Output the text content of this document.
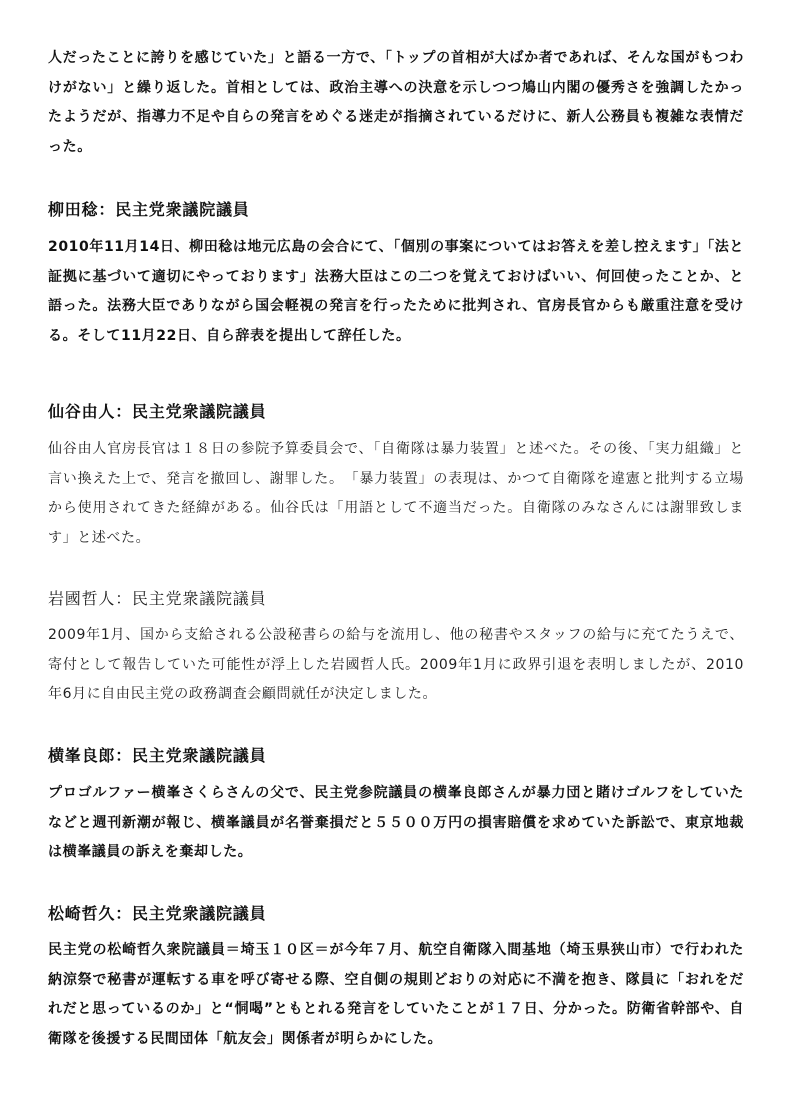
人だったことに誇りを感じていた」と語る一方で、「トップの首相が大ばか者であれば、そんな国がもつわけがない」と繰り返した。首相としては、政治主導への決意を示しつつ鳩山内閣の優秀さを強調したかったようだが、指導力不足や自らの発言をめぐる迷走が指摘されているだけに、新人公務員も複雑な表情だった。

柳田稔：民主党衆議院議員

2010年11月14日、柳田稔は地元広島の会合にて、「個別の事案についてはお答えを差し控えます」「法と証拠に基づいて適切にやっております」法務大臣はこの二つを覚えておけばいい、何回使ったことか、と語った。法務大臣でありながら国会軽視の発言を行ったために批判され、官房長官からも厳重注意を受ける。そして11月22日、自ら辞表を提出して辞任した。

仙谷由人：民主党衆議院議員

仙谷由人官房長官は１８日の参院予算委員会で、「自衛隊は暴力装置」と述べた。その後、「実力組織」と言い換えた上で、発言を撤回し、謝罪した。　「暴力装置」の表現は、かつて自衛隊を違憲と批判する立場から使用されてきた経緯がある。仙谷氏は「用語として不適当だった。自衛隊のみなさんには謝罪致します」と述べた。

岩國哲人：民主党衆議院議員

2009年1月、国から支給される公設秘書らの給与を流用し、他の秘書やスタッフの給与に充てたうえで、寄付として報告していた可能性が浮上した岩國哲人氏。2009年1月に政界引退を表明しましたが、2010年6月に自由民主党の政務調査会顧問就任が決定しました。

横峯良郎：民主党衆議院議員

プロゴルファー横峯さくらさんの父で、民主党参院議員の横峯良郎さんが暴力団と賭けゴルフをしていたなどと週刊新潮が報じ、横峯議員が名誉棄損だと５５００万円の損害賠償を求めていた訴訟で、東京地裁は横峯議員の訴えを棄却した。

松崎哲久：民主党衆議院議員

民主党の松崎哲久衆院議員＝埼玉１０区＝が今年７月、航空自衛隊入間基地（埼玉県狭山市）で行われた納涼祭で秘書が運転する車を呼び寄せる際、空自側の規則どおりの対応に不満を抱き、隊員に「おれをだれだと思っているのか」と“恫喝”ともとれる発言をしていたことが１７日、分かった。防衛省幹部や、自衛隊を後援する民間団体「航友会」関係者が明らかにした。
